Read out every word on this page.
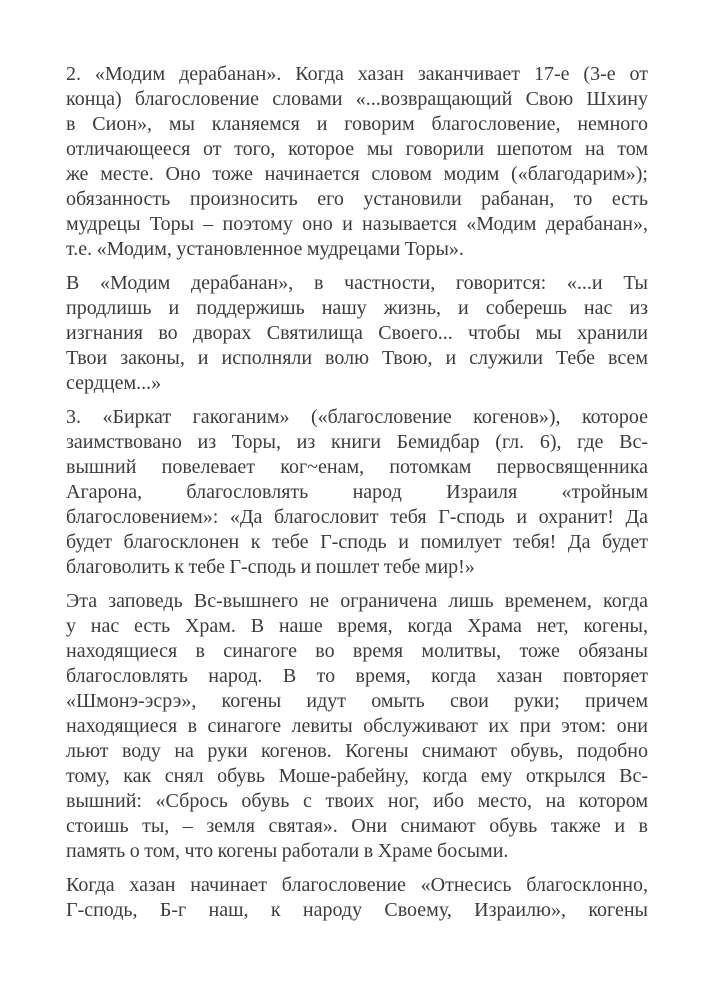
2. «Модим дерабанан». Когда хазан заканчивает 17-е (3-е от
конца) благословение словами «...возвращающий Свою Шхину
в Сион», мы кланяемся и говорим благословение, немного
отличающееся от того, которое мы говорили шепотом на том
же месте. Оно тоже начинается словом модим («благодарим»);
обязанность произносить его установили рабанан, то есть
мудрецы Торы – поэтому оно и называется «Модим дерабанан»,
т.е. «Модим, установленное мудрецами Торы».
В «Модим дерабанан», в частности, говорится: «...и Ты
продлишь и поддержишь нашу жизнь, и соберешь нас из
изгнания во дворах Святилища Своего... чтобы мы хранили
Твои законы, и исполняли волю Твою, и служили Тебе всем
сердцем...»
3. «Биркат гакоганим» («благословение когенов»), которое
заимствовано из Торы, из книги Бемидбар (гл. 6), где Вс-
вышний повелевает ког~енам, потомкам первосвященника
Агарона, благословлять народ Израиля «тройным
благословением»: «Да благословит тебя Г-сподь и охранит! Да
будет благосклонен к тебе Г-сподь и помилует тебя! Да будет
благоволить к тебе Г-сподь и пошлет тебе мир!»
Эта заповедь Вс-вышнего не ограничена лишь временем, когда
у нас есть Храм. В наше время, когда Храма нет, когены,
находящиеся в синагоге во время молитвы, тоже обязаны
благословлять народ. В то время, когда хазан повторяет
«Шмонэ-эсрэ», когены идут омыть свои руки; причем
находящиеся в синагоге левиты обслуживают их при этом: они
льют воду на руки когенов. Когены снимают обувь, подобно
тому, как снял обувь Моше-рабейну, когда ему открылся Вс-
вышний: «Сбрось обувь с твоих ног, ибо место, на котором
стоишь ты, – земля святая». Они снимают обувь также и в
память о том, что когены работали в Храме босыми.
Когда хазан начинает благословение «Отнесись благосклонно,
Г-сподь, Б-г наш, к народу Своему, Израилю», когены
